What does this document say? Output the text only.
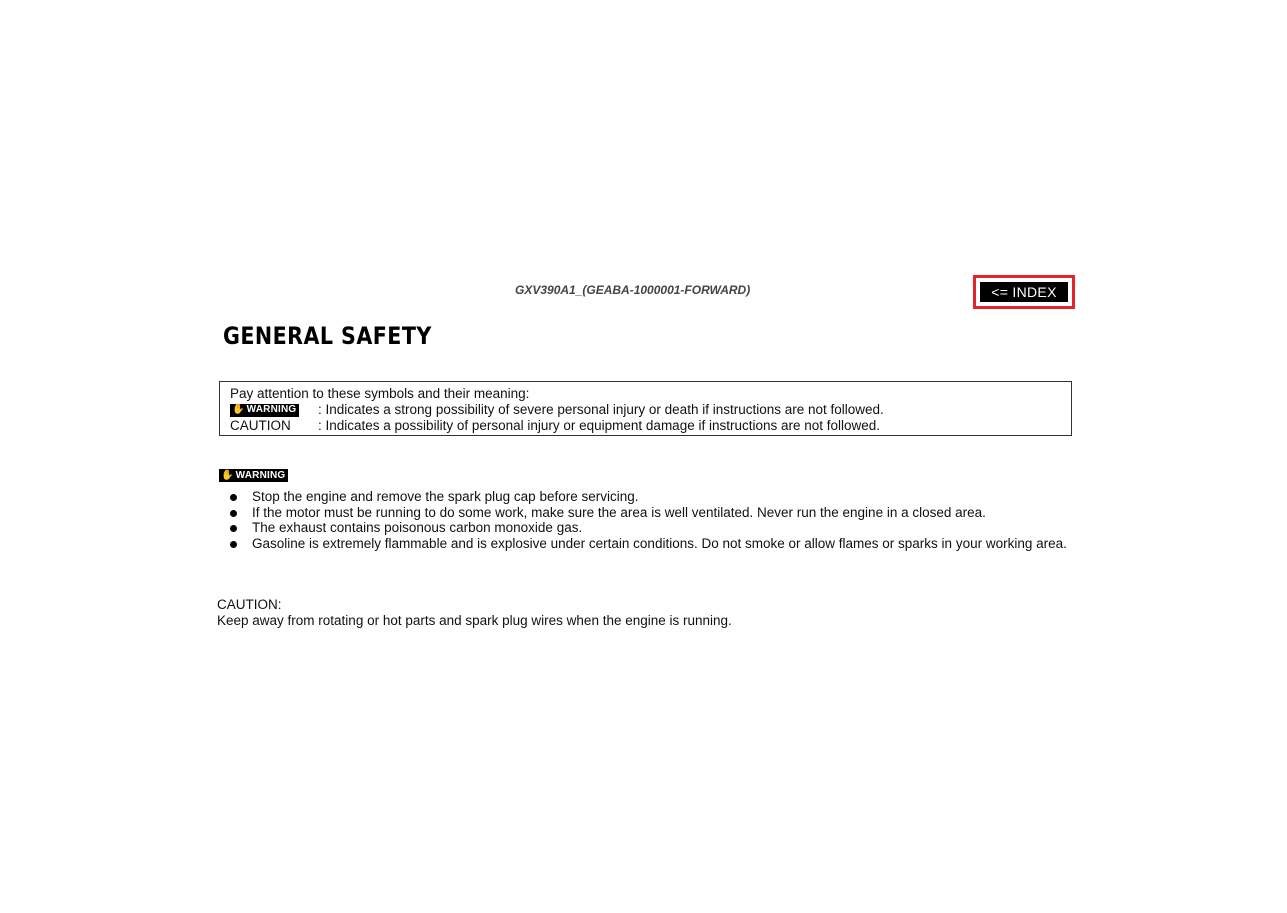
GXV390A1_(GEABA-1000001-FORWARD)	<= INDEX
GENERAL SAFETY
Pay attention to these symbols and their meaning:
✋ WARNING : Indicates a strong possibility of severe personal injury or death if instructions are not followed.
CAUTION	: Indicates a possibility of personal injury or equipment damage if instructions are not followed.
✋ WARNING
Stop the engine and remove the spark plug cap before servicing.
If the motor must be running to do some work, make sure the area is well ventilated. Never run the engine in a closed area.
The exhaust contains poisonous carbon monoxide gas.
Gasoline is extremely flammable and is explosive under certain conditions. Do not smoke or allow flames or sparks in your working area.
CAUTION:
Keep away from rotating or hot parts and spark plug wires when the engine is running.
